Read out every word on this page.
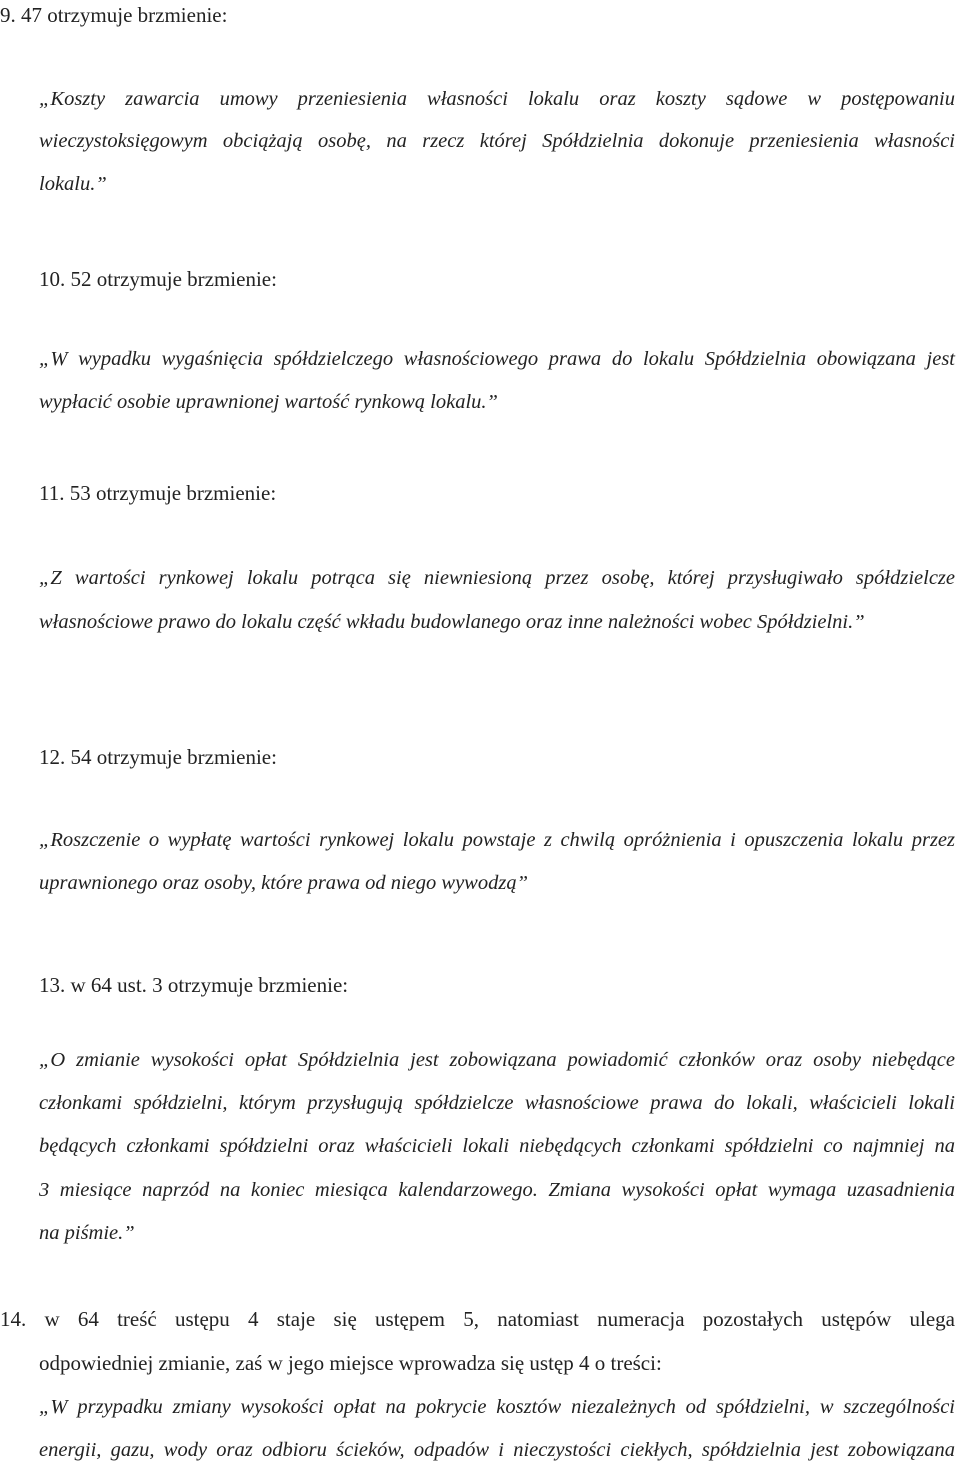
9. 47 otrzymuje brzmienie:
„Koszty zawarcia umowy przeniesienia własności lokalu oraz koszty sądowe w postępowaniu
wieczystoksięgowym obciążają osobę, na rzecz której Spółdzielnia dokonuje przeniesienia własności
lokalu.”
10. 52 otrzymuje brzmienie:
„W wypadku wygaśnięcia spółdzielczego własnościowego prawa do lokalu Spółdzielnia obowiązana jest
wypłacić osobie uprawnionej wartość rynkową lokalu.”
11. 53 otrzymuje brzmienie:
„Z wartości rynkowej lokalu potrąca się niewniesioną przez osobę, której przysługiwało spółdzielcze
własnościowe prawo do lokalu część wkładu budowlanego oraz inne należności wobec Spółdzielni.”
12. 54 otrzymuje brzmienie:
„Roszczenie o wypłatę wartości rynkowej lokalu powstaje z chwilą opróżnienia i opuszczenia lokalu przez
uprawnionego oraz osoby, które prawa od niego wywodzą”
13. w 64 ust. 3 otrzymuje brzmienie:
„O zmianie wysokości opłat Spółdzielnia jest zobowiązana powiadomić członków oraz osoby niebędące
członkami spółdzielni, którym przysługują spółdzielcze własnościowe prawa do lokali, właścicieli lokali
będących członkami spółdzielni oraz właścicieli lokali niebędących członkami spółdzielni co najmniej na
3 miesiące naprzód na koniec miesiąca kalendarzowego. Zmiana wysokości opłat wymaga uzasadnienia
na piśmie.”
14. w 64 treść ustępu 4 staje się ustępem 5, natomiast numeracja pozostałych ustępów ulega
odpowiedniej zmianie, zaś w jego miejsce wprowadza się ustęp 4 o treści:
„W przypadku zmiany wysokości opłat na pokrycie kosztów niezależnych od spółdzielni, w szczególności
energii, gazu, wody oraz odbioru ścieków, odpadów i nieczystości ciekłych, spółdzielnia jest zobowiązana
